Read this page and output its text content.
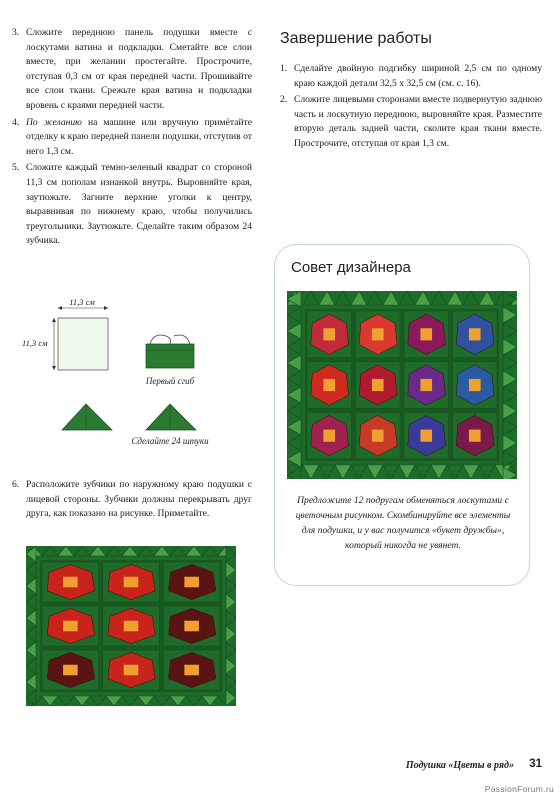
3. Сложите переднюю панель подушки вместе с лоскутами ватина и подкладки. Сметайте все слои вместе, при желании простегайте. Прострочите, отступая 0,3 см от края передней части. Прошивайте все слои ткани. Срежьте края ватина и подкладки вровень с краями передней части.
4. По желанию на машине или вручную примётайте отделку к краю передней панели подушки, отступив от него 1,3 см.
5. Сложите каждый темно-зеленый квадрат со стороной 11,3 см пополам изнанкой внутрь. Выровняйте края, заутюжьте. Загните верхние уголки к центру, выравнивая по нижнему краю, чтобы получились треугольники. Заутюжьте. Сделайте таким образом 24 зубчика.
11,3 см
11,3 см
Первый сгиб
Сделайте 24 штуки
6. Расположите зубчики по наружному краю подушки с лицевой стороны. Зубчики должны перекрывать друг друга, как показано на рисунке. Приметайте.
Завершение работы
1. Сделайте двойную подгибку шириной 2,5 см по одному краю каждой детали 32,5 х 32,5 см (см. с. 16).
2. Сложите лицевыми сторонами вместе подвернутую заднюю часть и лоскутную переднюю, выровняйте края. Разместите вторую деталь задней части, сколите края ткани вместе. Прострочите, отступая от края 1,3 см.
Совет дизайнера
Предложите 12 подругам обменяться лоскутами с цветочным рисунком. Скомбинируйте все элементы для подушки, и у вас получится «букет дружбы», который никогда не увянет.
Подушка «Цветы в ряд» 31
PassionForum.ru
